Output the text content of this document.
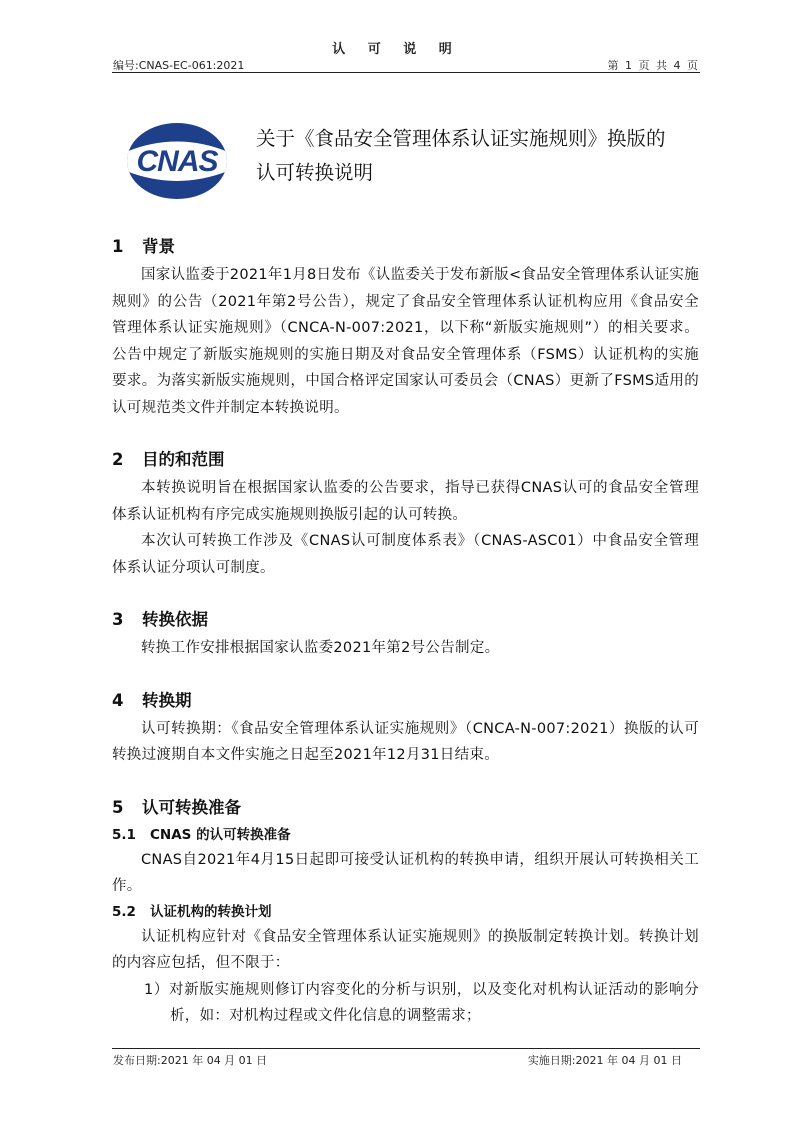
认 可 说 明
编号:CNAS-EC-061:2021	第 1 页 共 4 页
CNAS
关于《食品安全管理体系认证实施规则》换版的
认可转换说明
1 背景

国家认监委于2021年1月8日发布《认监委关于发布新版<食品安全管理体系认证实施规则》的公告（2021年第2号公告），规定了食品安全管理体系认证机构应用《食品安全管理体系认证实施规则》（CNCA-N-007:2021，以下称“新版实施规则”）的相关要求。公告中规定了新版实施规则的实施日期及对食品安全管理体系（FSMS）认证机构的实施要求。为落实新版实施规则，中国合格评定国家认可委员会（CNAS）更新了FSMS适用的认可规范类文件并制定本转换说明。

2 目的和范围

本转换说明旨在根据国家认监委的公告要求，指导已获得CNAS认可的食品安全管理体系认证机构有序完成实施规则换版引起的认可转换。

本次认可转换工作涉及《CNAS认可制度体系表》（CNAS-ASC01）中食品安全管理体系认证分项认可制度。

3 转换依据

转换工作安排根据国家认监委2021年第2号公告制定。

4 转换期

认可转换期：《食品安全管理体系认证实施规则》（CNCA-N-007:2021）换版的认可转换过渡期自本文件实施之日起至2021年12月31日结束。

5 认可转换准备
5.1 CNAS 的认可转换准备

CNAS自2021年4月15日起即可接受认证机构的转换申请，组织开展认可转换相关工作。

5.2 认证机构的转换计划

认证机构应针对《食品安全管理体系认证实施规则》的换版制定转换计划。转换计划的内容应包括，但不限于：

1）对新版实施规则修订内容变化的分析与识别，以及变化对机构认证活动的影响分析，如：对机构过程或文件化信息的调整需求；

发布日期:2021 年 04 月 01 日	实施日期:2021 年 04 月 01 日
